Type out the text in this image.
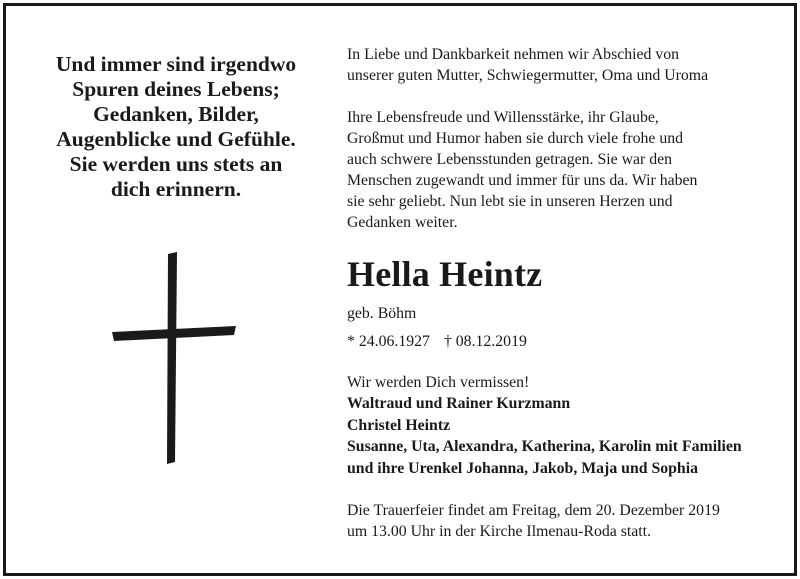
Und immer sind irgendwo
Spuren deines Lebens;
Gedanken, Bilder,
Augenblicke und Gefühle.
Sie werden uns stets an
dich erinnern.
In Liebe und Dankbarkeit nehmen wir Abschied von
unserer guten Mutter, Schwiegermutter, Oma und Uroma
Ihre Lebensfreude und Willensstärke, ihr Glaube,
Großmut und Humor haben sie durch viele frohe und
auch schwere Lebensstunden getragen. Sie war den
Menschen zugewandt und immer für uns da. Wir haben
sie sehr geliebt. Nun lebt sie in unseren Herzen und
Gedanken weiter.
Hella Heintz
geb. Böhm
* 24.06.1927 † 08.12.2019
Wir werden Dich vermissen!
Waltraud und Rainer Kurzmann
Christel Heintz
Susanne, Uta, Alexandra, Katherina, Karolin mit Familien
und ihre Urenkel Johanna, Jakob, Maja und Sophia
Die Trauerfeier findet am Freitag, dem 20. Dezember 2019
um 13.00 Uhr in der Kirche Ilmenau-Roda statt.
